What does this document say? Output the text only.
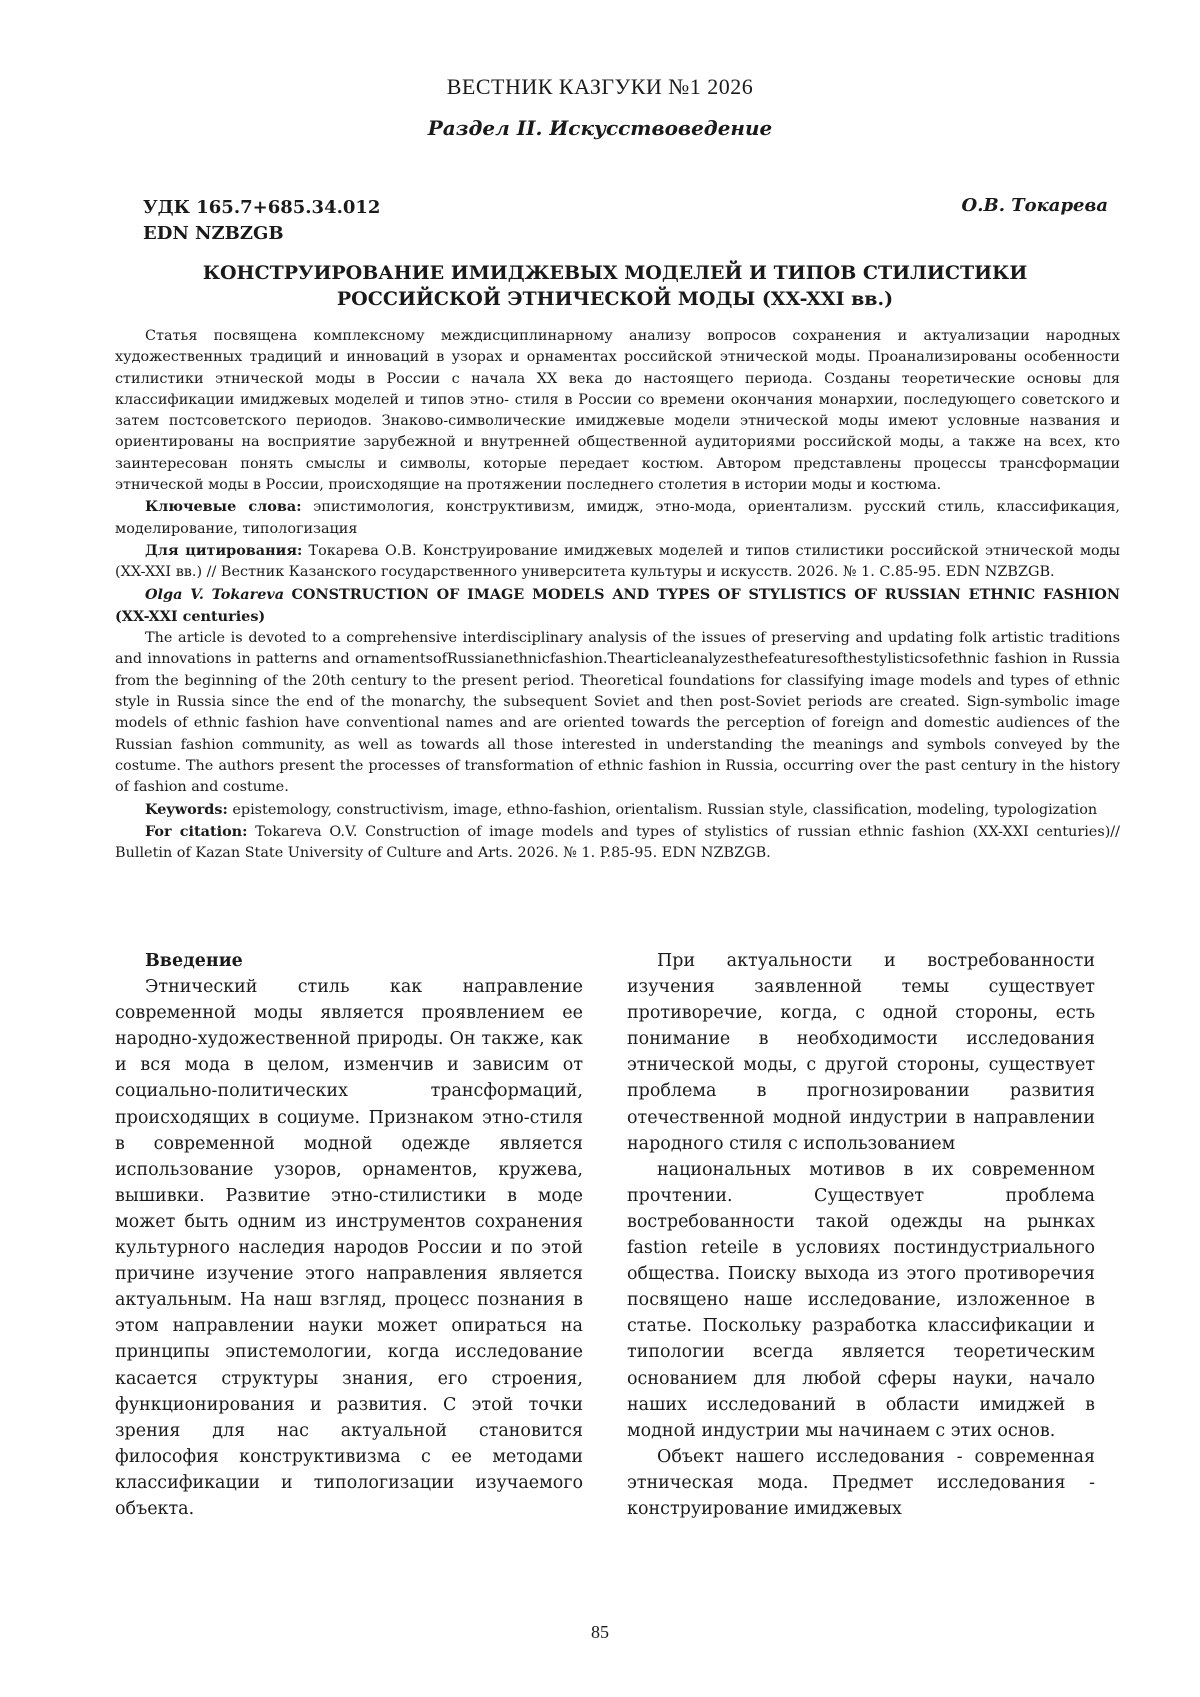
ВЕСТНИК КАЗГУКИ №1 2026
Раздел II. Искусствоведение
УДК 165.7+685.34.012
EDN NZBZGB
О.В. Токарева
КОНСТРУИРОВАНИЕ ИМИДЖЕВЫХ МОДЕЛЕЙ И ТИПОВ СТИЛИСТИКИ РОССИЙСКОЙ ЭТНИЧЕСКОЙ МОДЫ (XX-XXI вв.)

Статья посвящена комплексному междисциплинарному анализу вопросов сохранения и актуализации народных художественных традиций и инноваций в узорах и орнаментах российской этнической моды. Проанализированы особенности стилистики этнической моды в России с начала XX века до настоящего периода. Созданы теоретические основы для классификации имиджевых моделей и типов этно- стиля в России со времени окончания монархии, последующего советского и затем постсоветского периодов. Знаково-символические имиджевые модели этнической моды имеют условные названия и ориентированы на восприятие зарубежной и внутренней общественной аудиториями российской моды, а также на всех, кто заинтересован понять смыслы и символы, которые передает костюм. Автором представлены процессы трансформации этнической моды в России, происходящие на протяжении последнего столетия в истории моды и костюма.

Ключевые слова: эпистимология, конструктивизм, имидж, этно-мода, ориентализм. русский стиль, классификация, моделирование, типологизация

Для цитирования: Токарева О.В. Конструирование имиджевых моделей и типов стилистики российской этнической моды (XX-XXI вв.) // Вестник Казанского государственного университета культуры и искусств. 2026. № 1. С.85-95. EDN NZBZGB.

Olga V. Tokareva CONSTRUCTION OF IMAGE MODELS AND TYPES OF STYLISTICS OF RUSSIAN ETHNIC FASHION (XX-XXI centuries)

The article is devoted to a comprehensive interdisciplinary analysis of the issues of preserving and updating folk artistic traditions and innovations in patterns and ornamentsofRussianethnicfashion.Thearticleanalyzesthefeaturesofthestylisticsofethnic fashion in Russia from the beginning of the 20th century to the present period. Theoretical foundations for classifying image models and types of ethnic style in Russia since the end of the monarchy, the subsequent Soviet and then post-Soviet periods are created. Sign-symbolic image models of ethnic fashion have conventional names and are oriented towards the perception of foreign and domestic audiences of the Russian fashion community, as well as towards all those interested in understanding the meanings and symbols conveyed by the costume. The authors present the processes of transformation of ethnic fashion in Russia, occurring over the past century in the history of fashion and costume.

Keywords: epistemology, constructivism, image, ethno-fashion, orientalism. Russian style, classification, modeling, typologization

For citation: Tokareva O.V. Construction of image models and types of stylistics of russian ethnic fashion (XX-XXI centuries)// Bulletin of Kazan State University of Culture and Arts. 2026. № 1. P.85-95. EDN NZBZGB.

Введение

Этнический стиль как направление современной моды является проявлением ее народно-художественной природы. Он также, как и вся мода в целом, изменчив и зависим от социально-политических трансформаций, происходящих в социуме. Признаком этно-стиля в современной модной одежде является использование узоров, орнаментов, кружева, вышивки. Развитие этно-стилистики в моде может быть одним из инструментов сохранения культурного наследия народов России и по этой причине изучение этого направления является актуальным. На наш взгляд, процесс познания в этом направлении науки может опираться на принципы эпистемологии, когда исследование касается структуры знания, его строения, функционирования и развития. С этой точки зрения для нас актуальной становится философия конструктивизма с ее методами классификации и типологизации изучаемого объекта.

При актуальности и востребованности изучения заявленной темы существует противоречие, когда, с одной стороны, есть понимание в необходимости исследования этнической моды, с другой стороны, существует проблема в прогнозировании развития отечественной модной индустрии в направлении народного стиля с использованием

национальных мотивов в их современном прочтении. Существует проблема востребованности такой одежды на рынках fastion reteile в условиях постиндустриального общества. Поиску выхода из этого противоречия посвящено наше исследование, изложенное в статье. Поскольку разработка классификации и типологии всегда является теоретическим основанием для любой сферы науки, начало наших исследований в области имиджей в модной индустрии мы начинаем с этих основ.

Объект нашего исследования - современная этническая мода. Предмет исследования - конструирование имиджевых

85
